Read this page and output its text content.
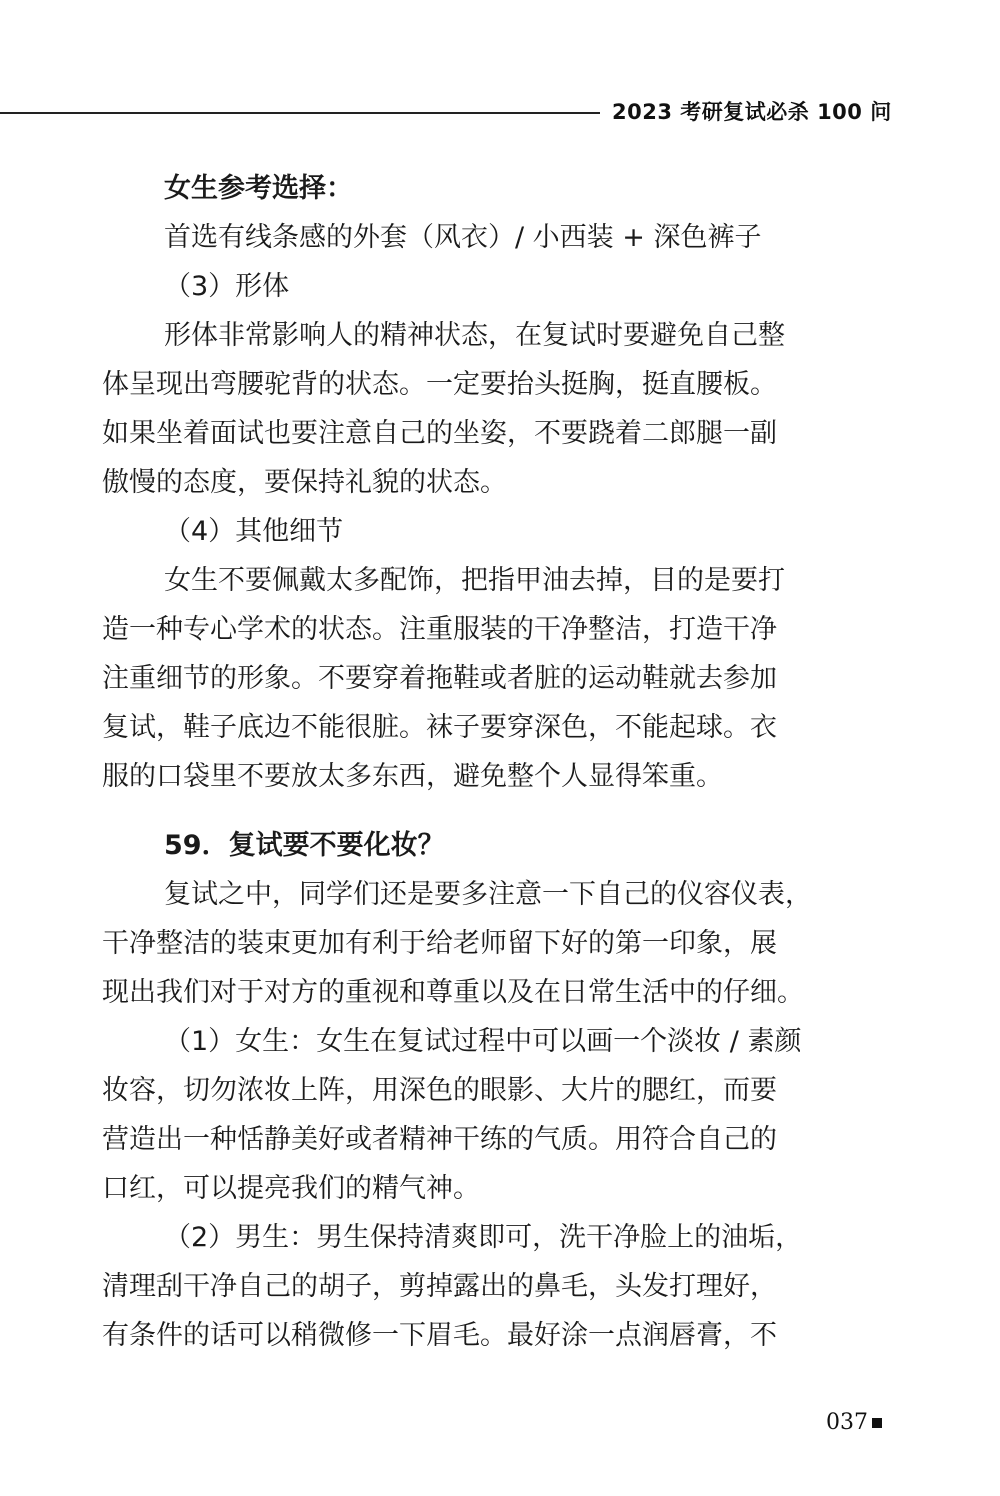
2023 考研复试必杀 100 问
女生参考选择：
首选有线条感的外套（风衣）/ 小西装 + 深色裤子
（3）形体
形体非常影响人的精神状态，在复试时要避免自己整
体呈现出弯腰驼背的状态。一定要抬头挺胸，挺直腰板。
如果坐着面试也要注意自己的坐姿，不要跷着二郎腿一副
傲慢的态度，要保持礼貌的状态。
（4）其他细节
女生不要佩戴太多配饰，把指甲油去掉，目的是要打
造一种专心学术的状态。注重服装的干净整洁，打造干净
注重细节的形象。不要穿着拖鞋或者脏的运动鞋就去参加
复试，鞋子底边不能很脏。袜子要穿深色，不能起球。衣
服的口袋里不要放太多东西，避免整个人显得笨重。
59．复试要不要化妆？
复试之中，同学们还是要多注意一下自己的仪容仪表，
干净整洁的装束更加有利于给老师留下好的第一印象，展
现出我们对于对方的重视和尊重以及在日常生活中的仔细。
（1）女生：女生在复试过程中可以画一个淡妆 / 素颜
妆容，切勿浓妆上阵，用深色的眼影、大片的腮红，而要
营造出一种恬静美好或者精神干练的气质。用符合自己的
口红，可以提亮我们的精气神。
（2）男生：男生保持清爽即可，洗干净脸上的油垢，
清理刮干净自己的胡子，剪掉露出的鼻毛，头发打理好，
有条件的话可以稍微修一下眉毛。最好涂一点润唇膏，不
037
